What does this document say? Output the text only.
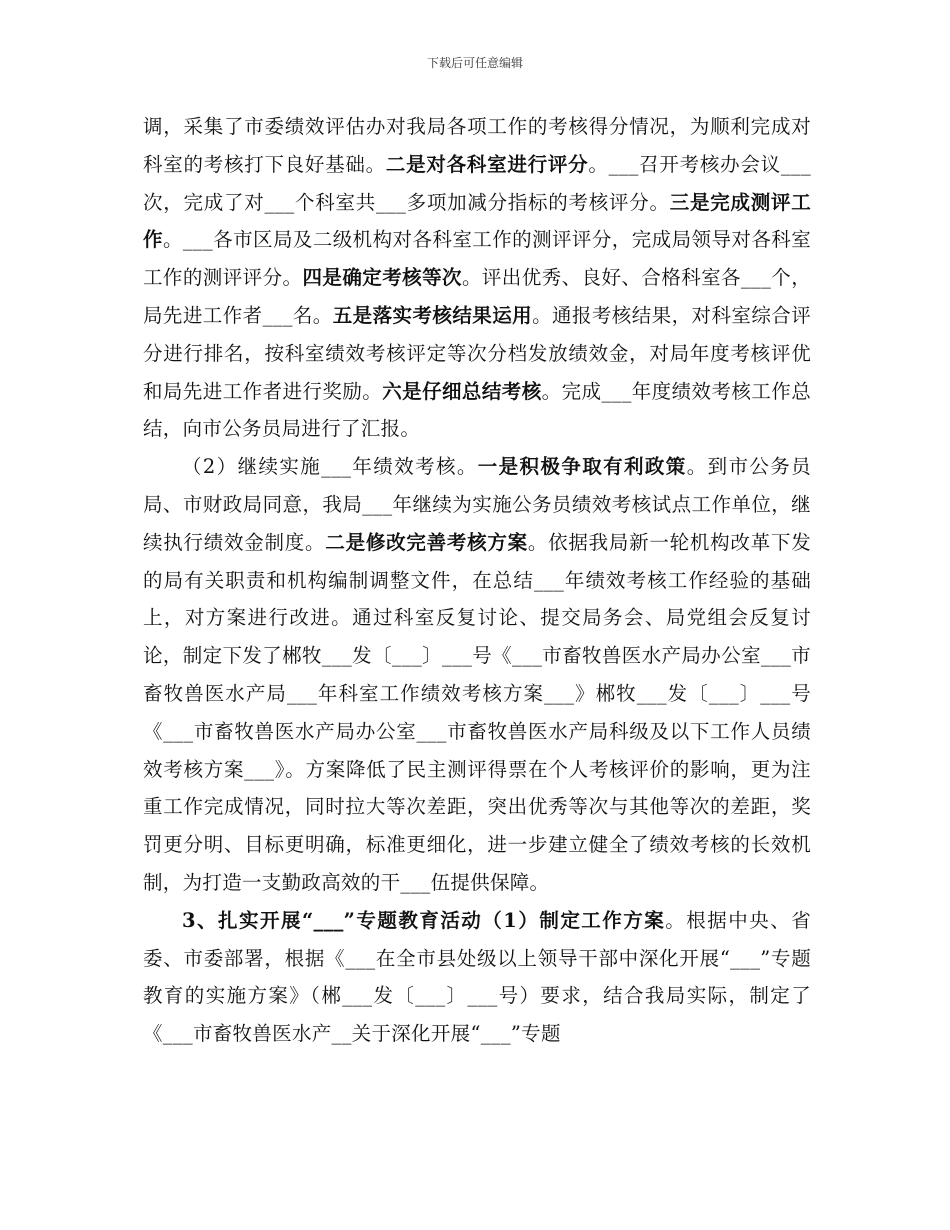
下载后可任意编辑

调，采集了市委绩效评估办对我局各项工作的考核得分情况，为顺利完成对科室的考核打下良好基础。二是对各科室进行评分。___召开考核办会议___次，完成了对___个科室共___多项加减分指标的考核评分。三是完成测评工作。___各市区局及二级机构对各科室工作的测评评分，完成局领导对各科室工作的测评评分。四是确定考核等次。评出优秀、良好、合格科室各___个，局先进工作者___名。五是落实考核结果运用。通报考核结果，对科室综合评分进行排名，按科室绩效考核评定等次分档发放绩效金，对局年度考核评优和局先进工作者进行奖励。六是仔细总结考核。完成___年度绩效考核工作总结，向市公务员局进行了汇报。

（2）继续实施___年绩效考核。一是积极争取有利政策。到市公务员局、市财政局同意，我局___年继续为实施公务员绩效考核试点工作单位，继续执行绩效金制度。二是修改完善考核方案。依据我局新一轮机构改革下发的局有关职责和机构编制调整文件，在总结___年绩效考核工作经验的基础上，对方案进行改进。通过科室反复讨论、提交局务会、局党组会反复讨论，制定下发了郴牧___发〔___〕___号《___市畜牧兽医水产局办公室___市畜牧兽医水产局___年科室工作绩效考核方案___》郴牧___发〔___〕___号《___市畜牧兽医水产局办公室___市畜牧兽医水产局科级及以下工作人员绩效考核方案___》。方案降低了民主测评得票在个人考核评价的影响，更为注重工作完成情况，同时拉大等次差距，突出优秀等次与其他等次的差距，奖罚更分明、目标更明确，标准更细化，进一步建立健全了绩效考核的长效机制，为打造一支勤政高效的干___伍提供保障。

3、扎实开展“___”专题教育活动（1）制定工作方案。根据中央、省委、市委部署，根据《___在全市县处级以上领导干部中深化开展“___”专题教育的实施方案》（郴___发〔___〕___号）要求，结合我局实际，制定了《___市畜牧兽医水产__关于深化开展“___”专题
